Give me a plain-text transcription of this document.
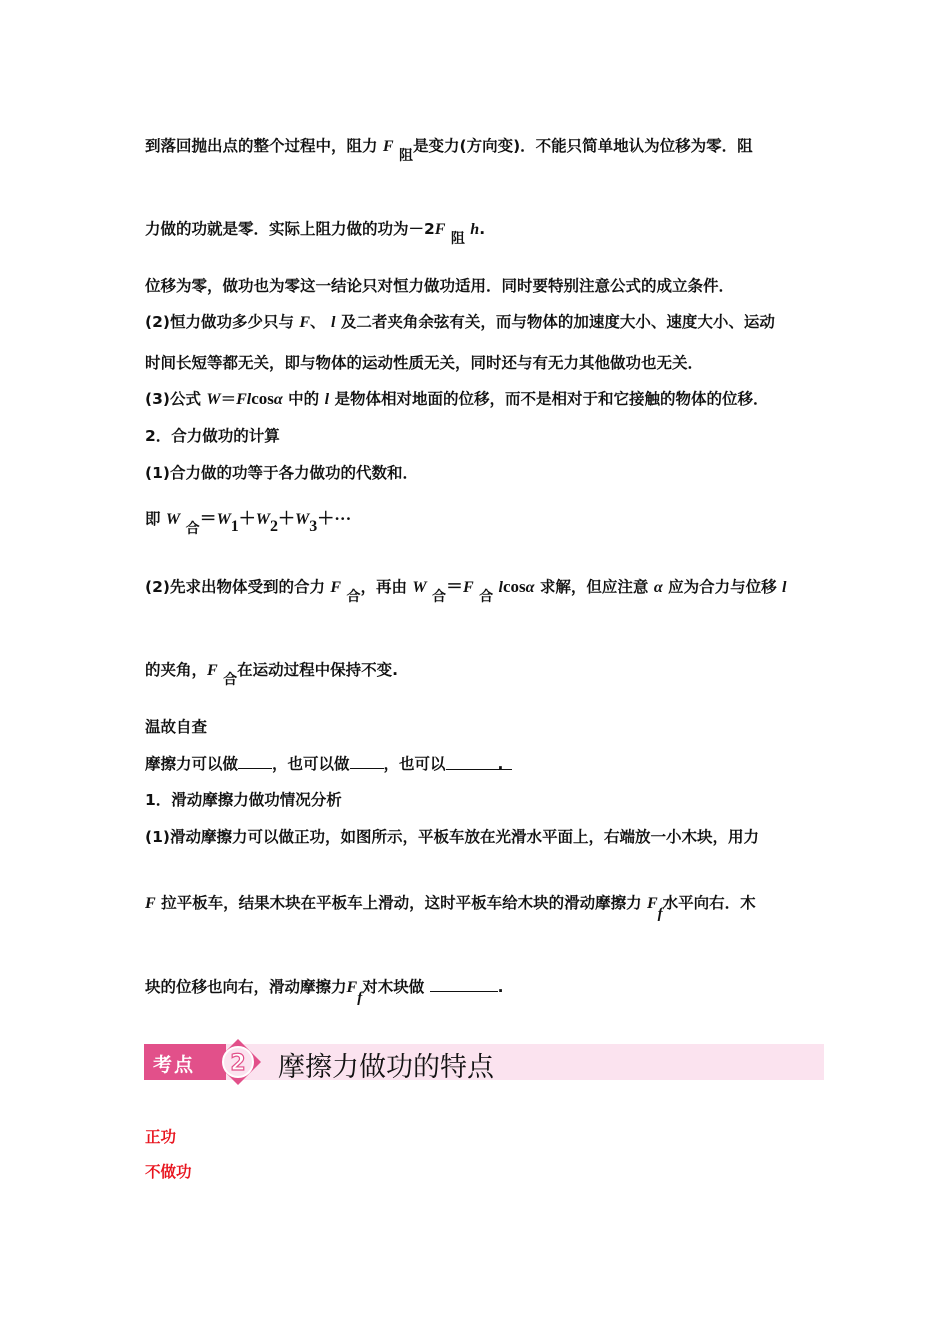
到落回抛出点的整个过程中，阻力 F 阻是变力(方向变)．不能只简单地认为位移为零．阻
力做的功就是零．实际上阻力做的功为－2F 阻 h.
位移为零，做功也为零这一结论只对恒力做功适用．同时要特别注意公式的成立条件．
(2)恒力做功多少只与 F、 l 及二者夹角余弦有关，而与物体的加速度大小、速度大小、运动
时间长短等都无关，即与物体的运动性质无关，同时还与有无力其他做功也无关．
(3)公式 W＝Flcosα 中的 l 是物体相对地面的位移，而不是相对于和它接触的物体的位移．
2．合力做功的计算
(1)合力做的功等于各力做功的代数和．
即 W 合＝W1＋W2＋W3＋···
(2)先求出物体受到的合力 F 合，再由 W 合＝F 合 lcosα 求解，但应注意 α 应为合力与位移 l
的夹角，F 合在运动过程中保持不变.
温故自查
摩擦力可以做 ，也可以做 ，也可以	.
1．滑动摩擦力做功情况分析
(1)滑动摩擦力可以做正功，如图所示，平板车放在光滑水平面上，右端放一小木块，用力
F 拉平板车，结果木块在平板车上滑动，这时平板车给木块的滑动摩擦力 Ff水平向右．木
块的位移也向右，滑动摩擦力Ff对木块做	.
考点 2 摩擦力做功的特点
正功
不做功
